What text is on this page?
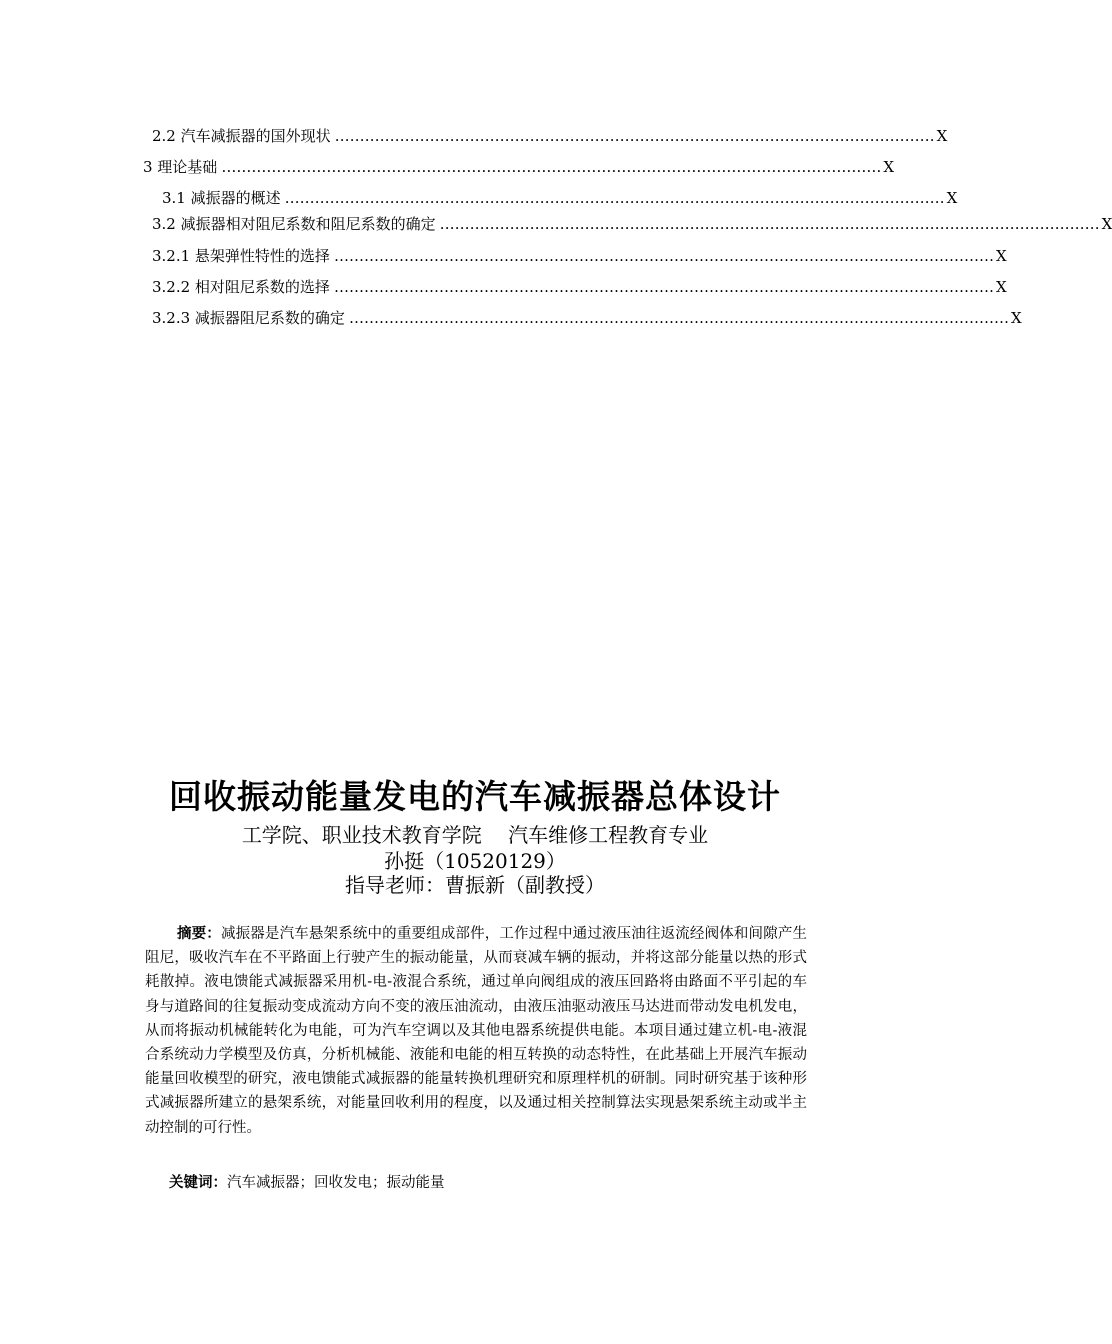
2.2 汽车减振器的国外现状 ………………………………………………………………………………………………………… X
3 理论基础 …………………………………………………………………………………………………………………… X
3.1 减振器的概述 …………………………………………………………………………………………………………………… X
3.2 减振器相对阻尼系数和阻尼系数的确定 …………………………………………………………………………………………………………………… X
3.2.1 悬架弹性特性的选择 …………………………………………………………………………………………………………………… X
3.2.2 相对阻尼系数的选择 …………………………………………………………………………………………………………………… X
3.2.3 减振器阻尼系数的确定 …………………………………………………………………………………………………………………… X
回收振动能量发电的汽车减振器总体设计
工学院、职业技术教育学院　 汽车维修工程教育专业
孙挺（10520129）
指导老师：曹振新（副教授）

摘要：减振器是汽车悬架系统中的重要组成部件，工作过程中通过液压油往返流经阀体和间隙产生阻尼，吸收汽车在不平路面上行驶产生的振动能量，从而衰减车辆的振动，并将这部分能量以热的形式耗散掉。液电馈能式减振器采用机-电-液混合系统，通过单向阀组成的液压回路将由路面不平引起的车身与道路间的往复振动变成流动方向不变的液压油流动，由液压油驱动液压马达进而带动发电机发电，从而将振动机械能转化为电能，可为汽车空调以及其他电器系统提供电能。本项目通过建立机-电-液混合系统动力学模型及仿真，分析机械能、液能和电能的相互转换的动态特性，在此基础上开展汽车振动能量回收模型的研究，液电馈能式减振器的能量转换机理研究和原理样机的研制。同时研究基于该种形式减振器所建立的悬架系统，对能量回收利用的程度，以及通过相关控制算法实现悬架系统主动或半主动控制的可行性。

关键词：汽车减振器；回收发电；振动能量
